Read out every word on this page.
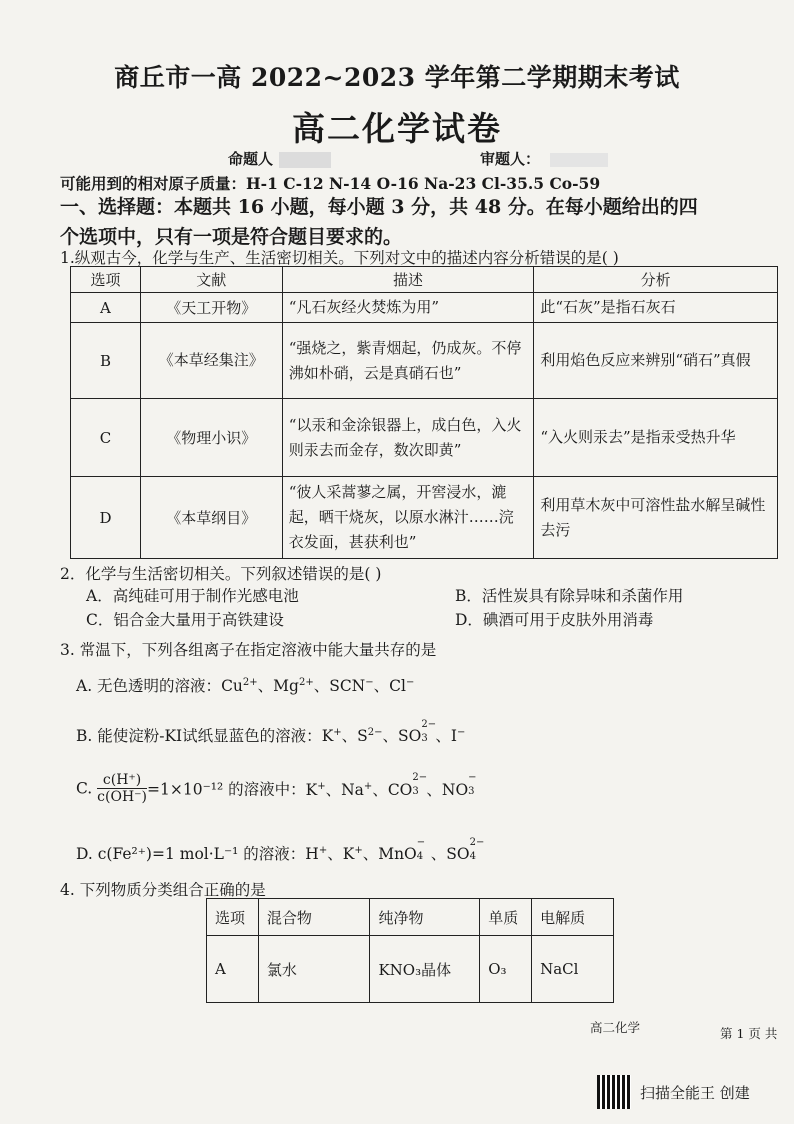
商丘市一高 2022~2023 学年第二学期期末考试
高二化学试卷
命题人	审题人：
可能用到的相对原子质量：H-1 C-12 N-14 O-16 Na-23 Cl-35.5 Co-59
一、选择题：本题共 16 小题，每小题 3 分，共 48 分。在每小题给出的四
个选项中，只有一项是符合题目要求的。
1.纵观古今，化学与生产、生活密切相关。下列对文中的描述内容分析错误的是( )
选项	文献	描述	分析
A	《天工开物》	“凡石灰经火焚炼为用”	此“石灰”是指石灰石
B	《本草经集注》	“强烧之，紫青烟起，仍成灰。不停沸如朴硝，云是真硝石也”	利用焰色反应来辨别“硝石”真假
C	《物理小识》	“以汞和金涂银器上，成白色，入火则汞去而金存，数次即黄”	“入火则汞去”是指汞受热升华
D	《本草纲目》	“彼人采蒿蓼之属，开窖浸水，漉起，晒干烧灰，以原水淋汁……浣衣发面，甚获利也”	利用草木灰中可溶性盐水解呈碱性去污
2．化学与生活密切相关。下列叙述错误的是( )
A．高纯硅可用于制作光感电池	B．活性炭具有除异味和杀菌作用
C．铝合金大量用于高铁建设	D．碘酒可用于皮肤外用消毒
3. 常温下，下列各组离子在指定溶液中能大量共存的是
A. 无色透明的溶液：$Cu^{2+}$、$Mg^{2+}$、SCN−、Cl−
B. 能使淀粉-KI试纸显蓝色的溶液：K+、$S^{2-}$、SO
2−
3 、I−
C. $\frac{c(H^+)}{c(OH^-)} =1\times 10^{-12}$ 的溶液中：K+、Na+、CO
2−
3 、NO
−
3
D. c(Fe²⁺)=1 mol·L⁻¹ 的溶液：H+、K+、MnO
−
4 、SO
2−
4
4. 下列物质分类组合正确的是
选项	混合物	纯净物	单质	电解质
A	氯水	KNO₃晶体	O₃	NaCl
高二化学	第 1 页 共
扫描全能王 创建
